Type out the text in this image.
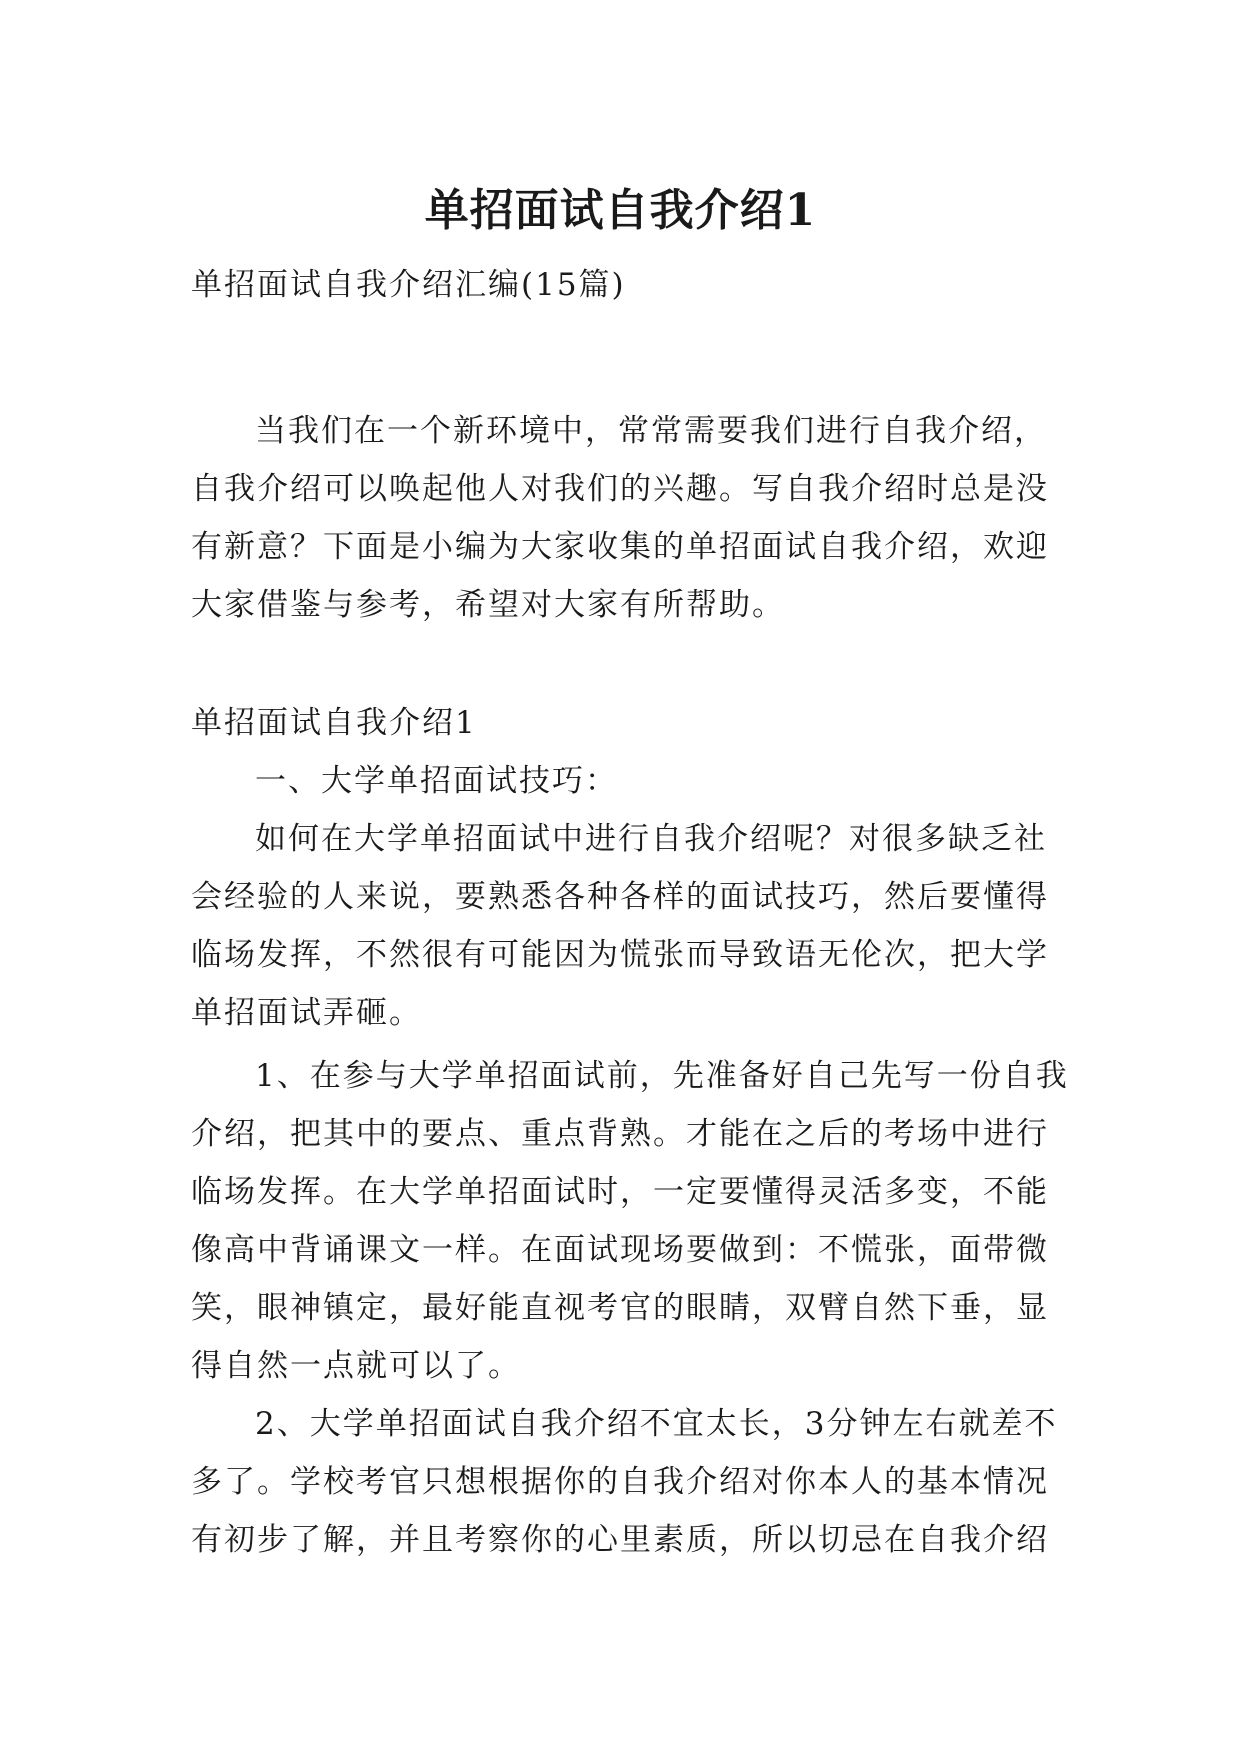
单招面试自我介绍1

单招面试自我介绍汇编(15篇)

当我们在一个新环境中，常常需要我们进行自我介绍，自我介绍可以唤起他人对我们的兴趣。写自我介绍时总是没有新意？下面是小编为大家收集的单招面试自我介绍，欢迎大家借鉴与参考，希望对大家有所帮助。

单招面试自我介绍1

一、大学单招面试技巧：

如何在大学单招面试中进行自我介绍呢？对很多缺乏社会经验的人来说，要熟悉各种各样的面试技巧，然后要懂得临场发挥，不然很有可能因为慌张而导致语无伦次，把大学单招面试弄砸。

1、在参与大学单招面试前，先准备好自己先写一份自我介绍，把其中的要点、重点背熟。才能在之后的考场中进行临场发挥。在大学单招面试时，一定要懂得灵活多变，不能像高中背诵课文一样。在面试现场要做到：不慌张，面带微笑，眼神镇定，最好能直视考官的眼睛，双臂自然下垂，显得自然一点就可以了。

2、大学单招面试自我介绍不宜太长，3分钟左右就差不多了。学校考官只想根据你的自我介绍对你本人的基本情况有初步了解，并且考察你的心里素质，所以切忌在自我介绍
